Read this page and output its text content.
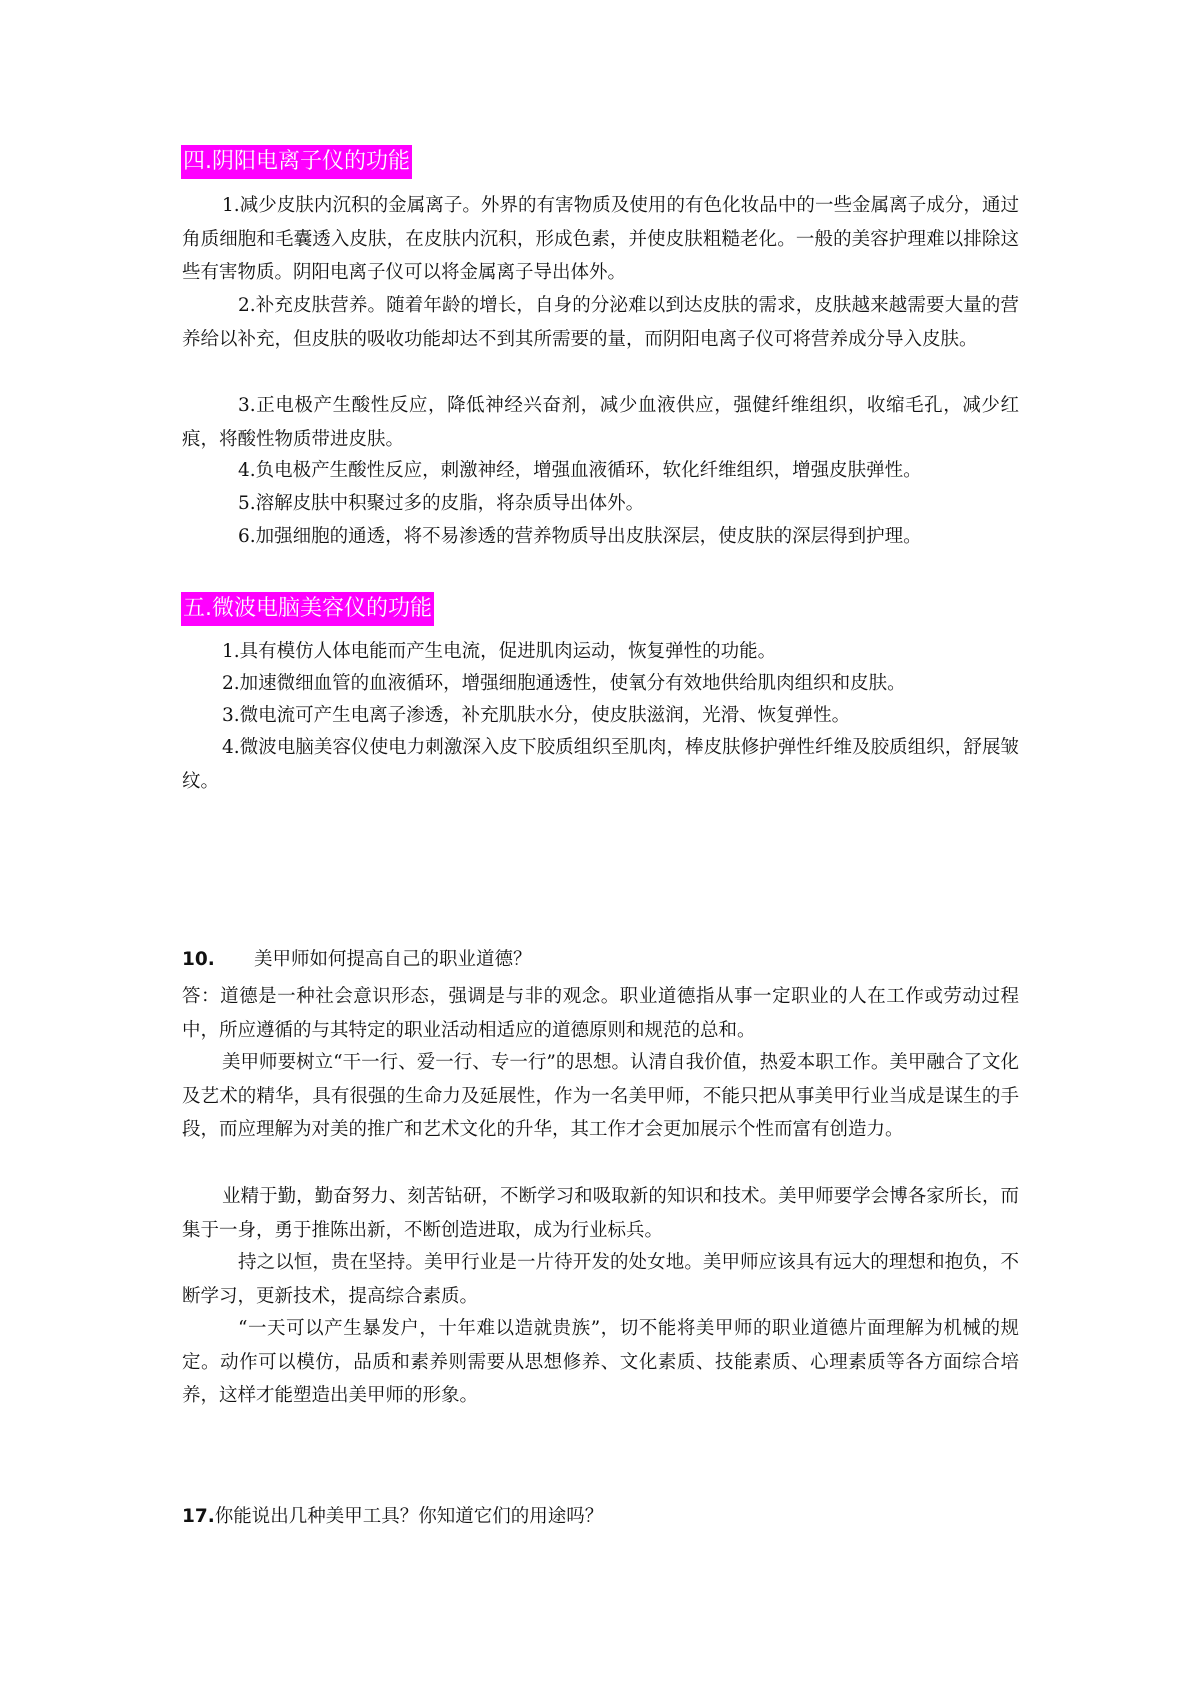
四.阴阳电离子仪的功能

1.减少皮肤内沉积的金属离子。外界的有害物质及使用的有色化妆品中的一些金属离子成分，通过角质细胞和毛囊透入皮肤，在皮肤内沉积，形成色素，并使皮肤粗糙老化。一般的美容护理难以排除这些有害物质。阴阳电离子仪可以将金属离子导出体外。

2.补充皮肤营养。随着年龄的增长，自身的分泌难以到达皮肤的需求，皮肤越来越需要大量的营养给以补充，但皮肤的吸收功能却达不到其所需要的量，而阴阳电离子仪可将营养成分导入皮肤。

3.正电极产生酸性反应，降低神经兴奋剂，减少血液供应，强健纤维组织，收缩毛孔，减少红痕，将酸性物质带进皮肤。

4.负电极产生酸性反应，刺激神经，增强血液循环，软化纤维组织，增强皮肤弹性。

5.溶解皮肤中积聚过多的皮脂，将杂质导出体外。

6.加强细胞的通透，将不易渗透的营养物质导出皮肤深层，使皮肤的深层得到护理。

五.微波电脑美容仪的功能

1.具有模仿人体电能而产生电流，促进肌肉运动，恢复弹性的功能。

2.加速微细血管的血液循环，增强细胞通透性，使氧分有效地供给肌肉组织和皮肤。

3.微电流可产生电离子渗透，补充肌肤水分，使皮肤滋润，光滑、恢复弹性。

4.微波电脑美容仪使电力刺激深入皮下胶质组织至肌肉，棒皮肤修护弹性纤维及胶质组织，舒展皱纹。

10. 美甲师如何提高自己的职业道德？

答：道德是一种社会意识形态，强调是与非的观念。职业道德指从事一定职业的人在工作或劳动过程中，所应遵循的与其特定的职业活动相适应的道德原则和规范的总和。

美甲师要树立“干一行、爱一行、专一行”的思想。认清自我价值，热爱本职工作。美甲融合了文化及艺术的精华，具有很强的生命力及延展性，作为一名美甲师，不能只把从事美甲行业当成是谋生的手段，而应理解为对美的推广和艺术文化的升华，其工作才会更加展示个性而富有创造力。

业精于勤，勤奋努力、刻苦钻研，不断学习和吸取新的知识和技术。美甲师要学会博各家所长，而集于一身，勇于推陈出新，不断创造进取，成为行业标兵。

持之以恒，贵在坚持。美甲行业是一片待开发的处女地。美甲师应该具有远大的理想和抱负，不断学习，更新技术，提高综合素质。

“一天可以产生暴发户，十年难以造就贵族”，切不能将美甲师的职业道德片面理解为机械的规定。动作可以模仿，品质和素养则需要从思想修养、文化素质、技能素质、心理素质等各方面综合培养，这样才能塑造出美甲师的形象。

17.你能说出几种美甲工具？你知道它们的用途吗？
